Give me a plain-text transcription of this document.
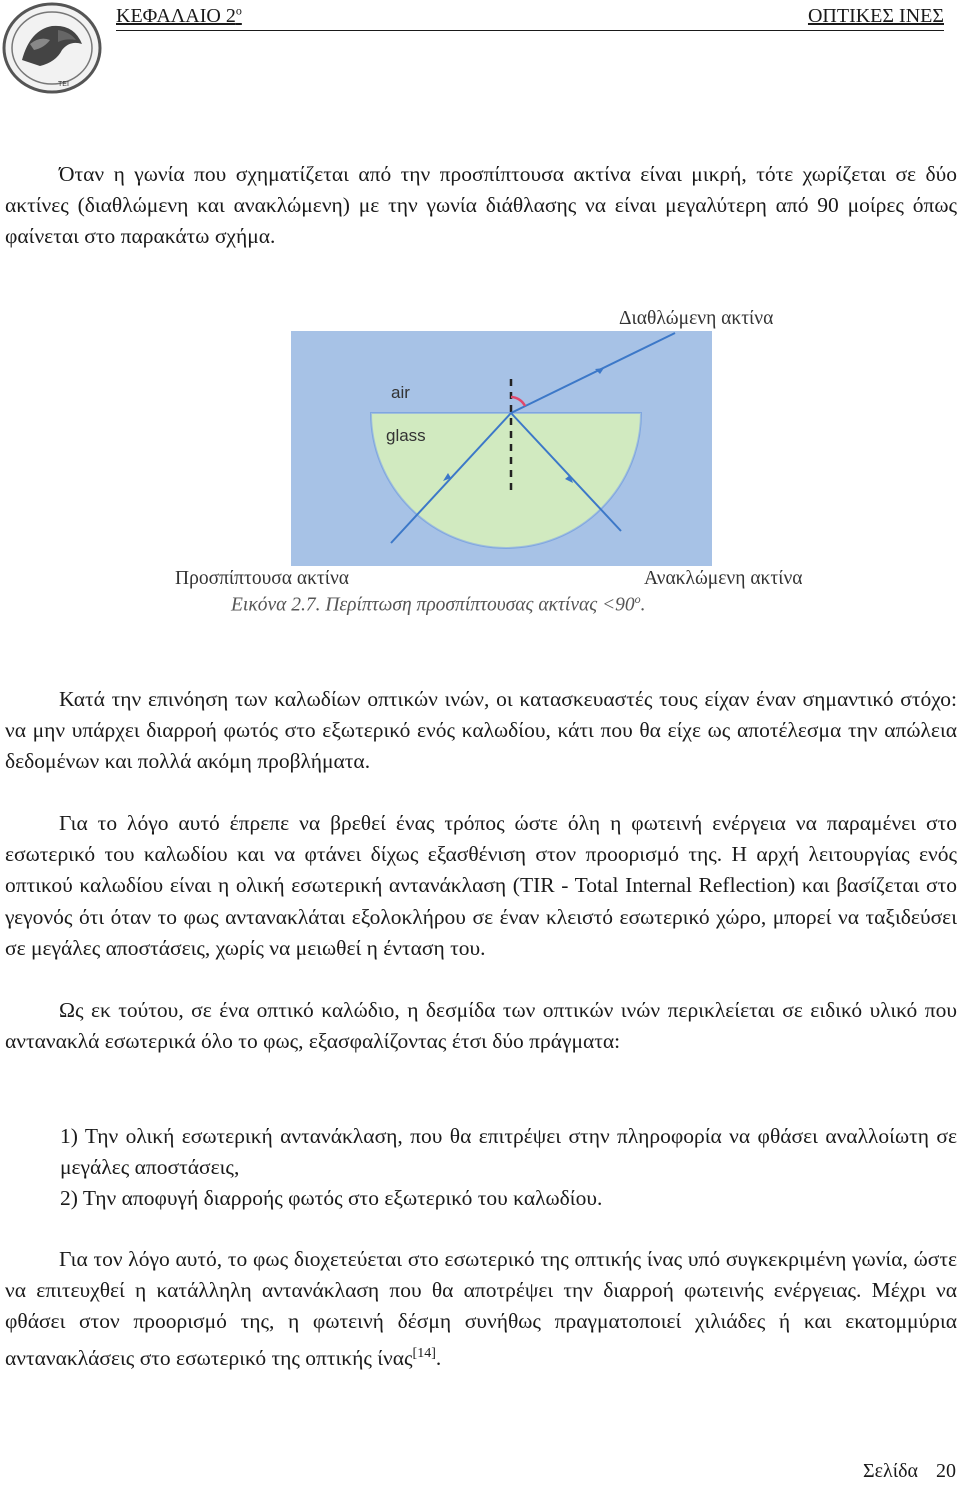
TEI
ΚΕΦΑΛΑΙΟ $2^o$	ΟΠΤΙΚΕΣ ΙΝΕΣ

Όταν η γωνία που σχηματίζεται από την προσπίπτουσα ακτίνα είναι μικρή, τότε χωρίζεται σε δύο ακτίνες (διαθλώμενη και ανακλώμενη) με την γωνία διάθλασης να είναι μεγαλύτερη από 90 μοίρες όπως φαίνεται στο παρακάτω σχήμα.

Διαθλώμενη ακτίνα
Προσπίπτουσα ακτίνα	Ανακλώμενη ακτίνα
air
glass
Εικόνα 2.7. Περίπτωση προσπίπτουσας $\alpha\kappa\tau ί\nu\alpha\varsigma <90^o$.

Κατά την επινόηση των καλωδίων οπτικών ινών, οι κατασκευαστές τους είχαν έναν σημαντικό στόχο: να μην υπάρχει διαρροή φωτός στο εξωτερικό ενός καλωδίου, κάτι που θα είχε ως αποτέλεσμα την απώλεια δεδομένων και πολλά ακόμη προβλήματα.

Για το λόγο αυτό έπρεπε να βρεθεί ένας τρόπος ώστε όλη η φωτεινή ενέργεια να παραμένει στο εσωτερικό του καλωδίου και να φτάνει δίχως εξασθένιση στον προορισμό της. Η αρχή λειτουργίας ενός οπτικού καλωδίου είναι η ολική εσωτερική αντανάκλαση (TIR - Total Internal Reflection) και βασίζεται στο γεγονός ότι όταν το φως αντανακλάται εξολοκλήρου σε έναν κλειστό εσωτερικό χώρο, μπορεί να ταξιδεύσει σε μεγάλες αποστάσεις, χωρίς να μειωθεί η ένταση του.

Ως εκ τούτου, σε ένα οπτικό καλώδιο, η δεσμίδα των οπτικών ινών περικλείεται σε ειδικό υλικό που αντανακλά εσωτερικά όλο το φως, εξασφαλίζοντας έτσι δύο πράγματα:

1) Την ολική εσωτερική αντανάκλαση, που θα επιτρέψει στην πληροφορία να φθάσει αναλλοίωτη σε μεγάλες αποστάσεις,

2) Την αποφυγή διαρροής φωτός στο εξωτερικό του καλωδίου.

Για τον λόγο αυτό, το φως διοχετεύεται στο εσωτερικό της οπτικής ίνας υπό συγκεκριμένη γωνία, ώστε να επιτευχθεί η κατάλληλη αντανάκλαση που θα αποτρέψει την διαρροή φωτεινής ενέργειας. Μέχρι να φθάσει στον προορισμό της, η φωτεινή δέσμη συνήθως πραγματοποιεί χιλιάδες ή και εκατομμύρια αντανακλάσεις στο εσωτερικό της οπτικής ίνας[14].

Σελίδα 20
